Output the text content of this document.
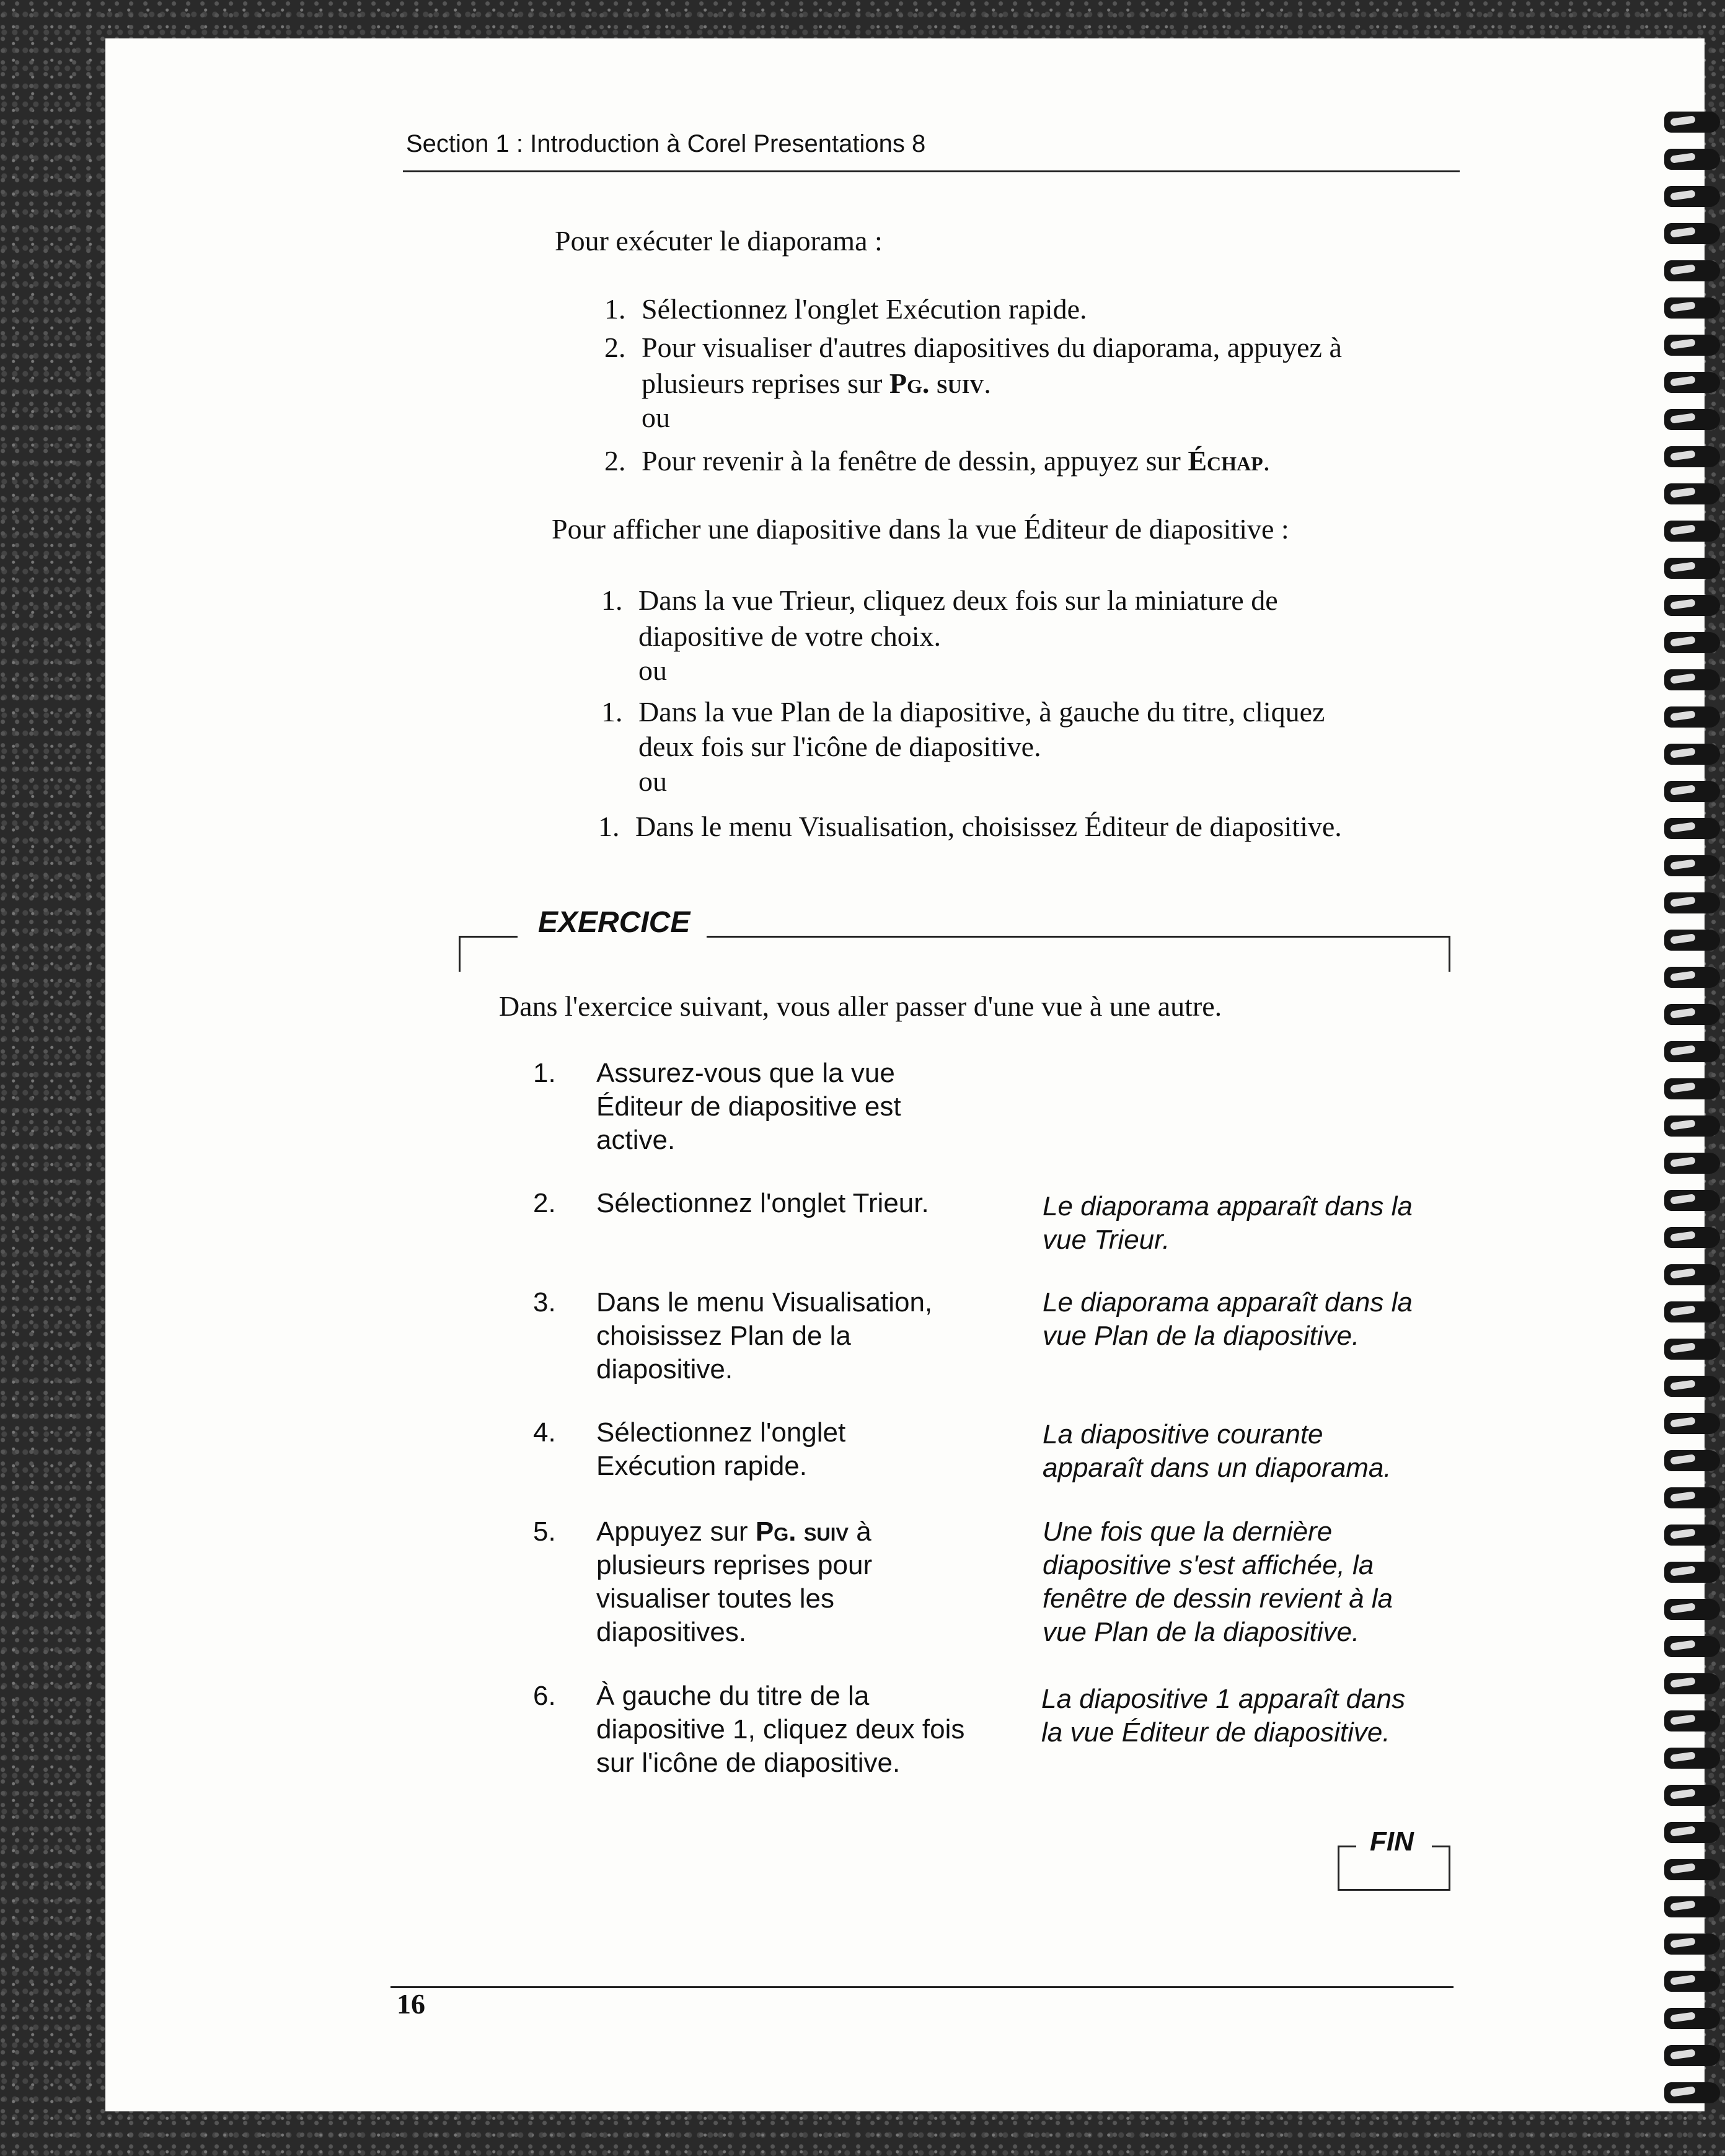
Section 1 : Introduction à Corel Presentations 8
Pour exécuter le diaporama :
1. Sélectionnez l'onglet Exécution rapide.
2. Pour visualiser d'autres diapositives du diaporama, appuyez à
plusieurs reprises sur Pg. suiv.
ou
2. Pour revenir à la fenêtre de dessin, appuyez sur Échap.
Pour afficher une diapositive dans la vue Éditeur de diapositive :
1. Dans la vue Trieur, cliquez deux fois sur la miniature de
diapositive de votre choix.
ou
1. Dans la vue Plan de la diapositive, à gauche du titre, cliquez
deux fois sur l'icône de diapositive.
ou
1. Dans le menu Visualisation, choisissez Éditeur de diapositive.
EXERCICE
Dans l'exercice suivant, vous aller passer d'une vue à une autre.
1. Assurez-vous que la vue
Éditeur de diapositive est
active.
2. Sélectionnez l'onglet Trieur.	Le diaporama apparaît dans la
vue Trieur.
3. Dans le menu Visualisation,
choisissez Plan de la
diapositive.
Le diaporama apparaît dans la
vue Plan de la diapositive.
4. Sélectionnez l'onglet
Exécution rapide.
La diapositive courante
apparaît dans un diaporama.
5. Appuyez sur Pg. suiv à
plusieurs reprises pour
visualiser toutes les
diapositives.
Une fois que la dernière
diapositive s'est affichée, la
fenêtre de dessin revient à la
vue Plan de la diapositive.
6. À gauche du titre de la
diapositive 1, cliquez deux fois
sur l'icône de diapositive.
La diapositive 1 apparaît dans
la vue Éditeur de diapositive.
FIN
16
